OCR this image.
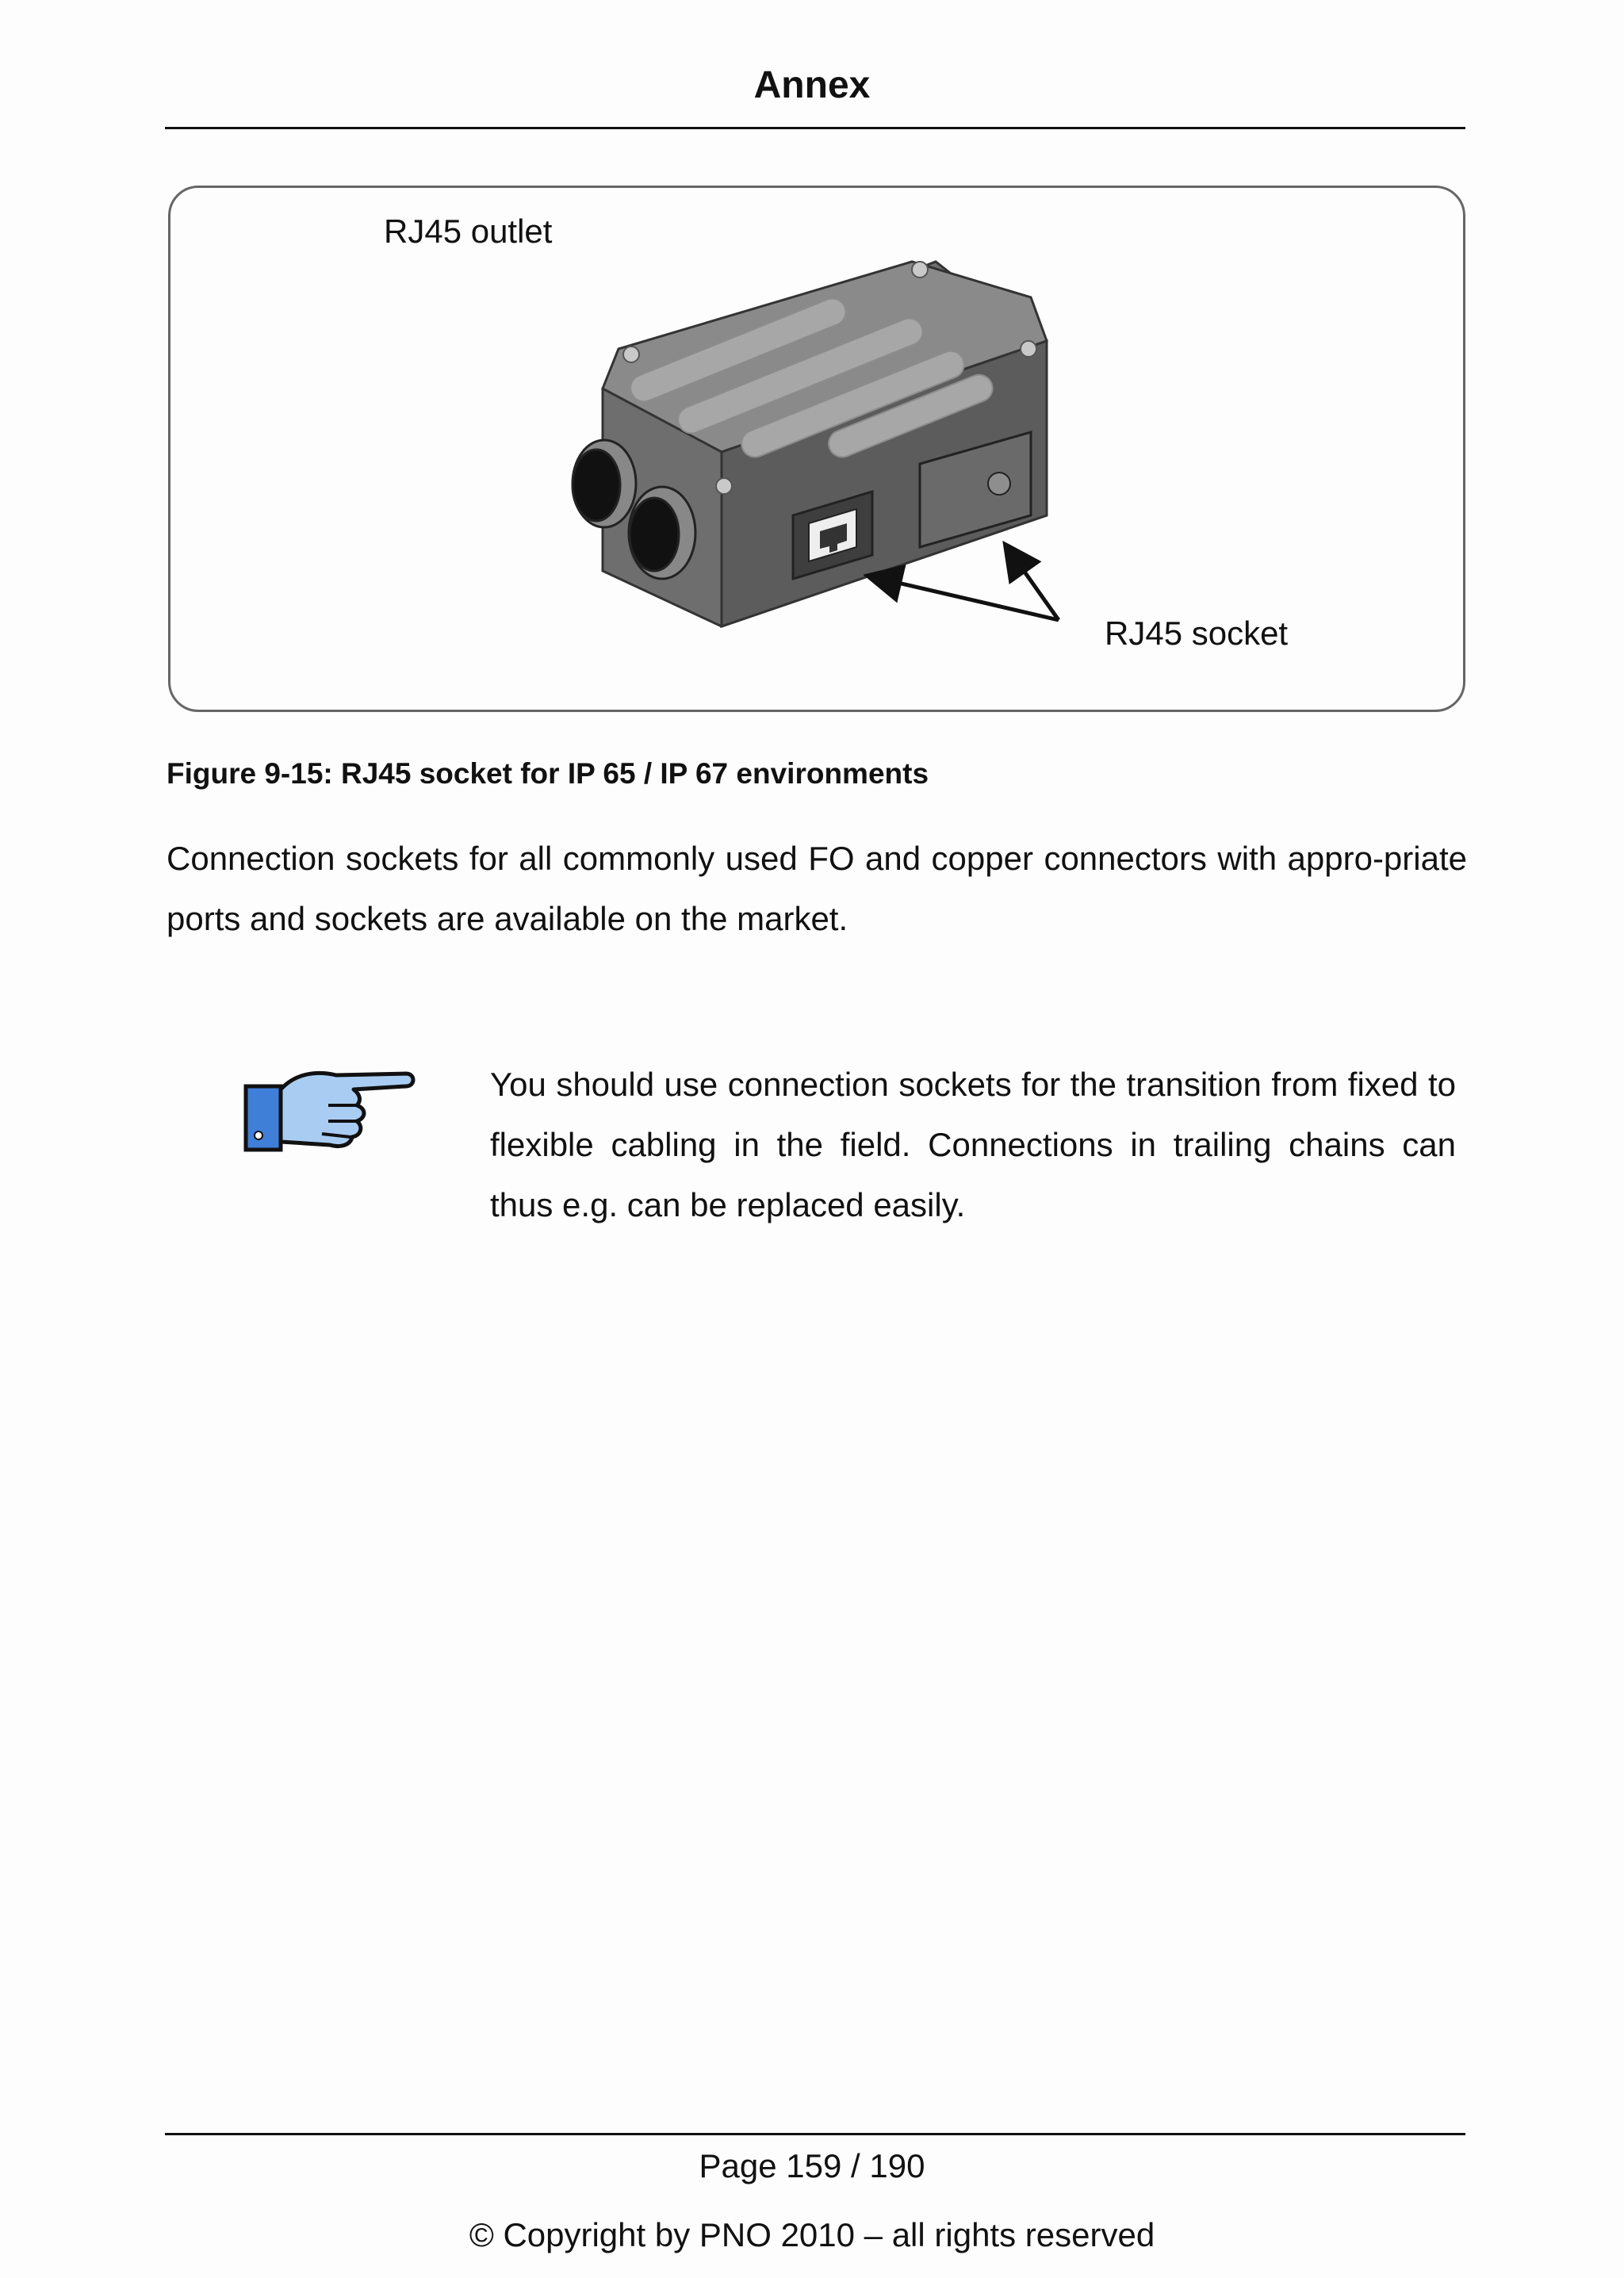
Annex
RJ45 outlet
RJ45 socket
Figure 9-15: RJ45 socket for IP 65 / IP 67 environments

Connection sockets for all commonly used FO and copper connectors with appro-priate ports and sockets are available on the market.

You should use connection sockets for the transition from fixed to flexible cabling in the field. Connections in trailing chains can thus e.g. can be replaced easily.

Page 159 / 190
© Copyright by PNO 2010 – all rights reserved
